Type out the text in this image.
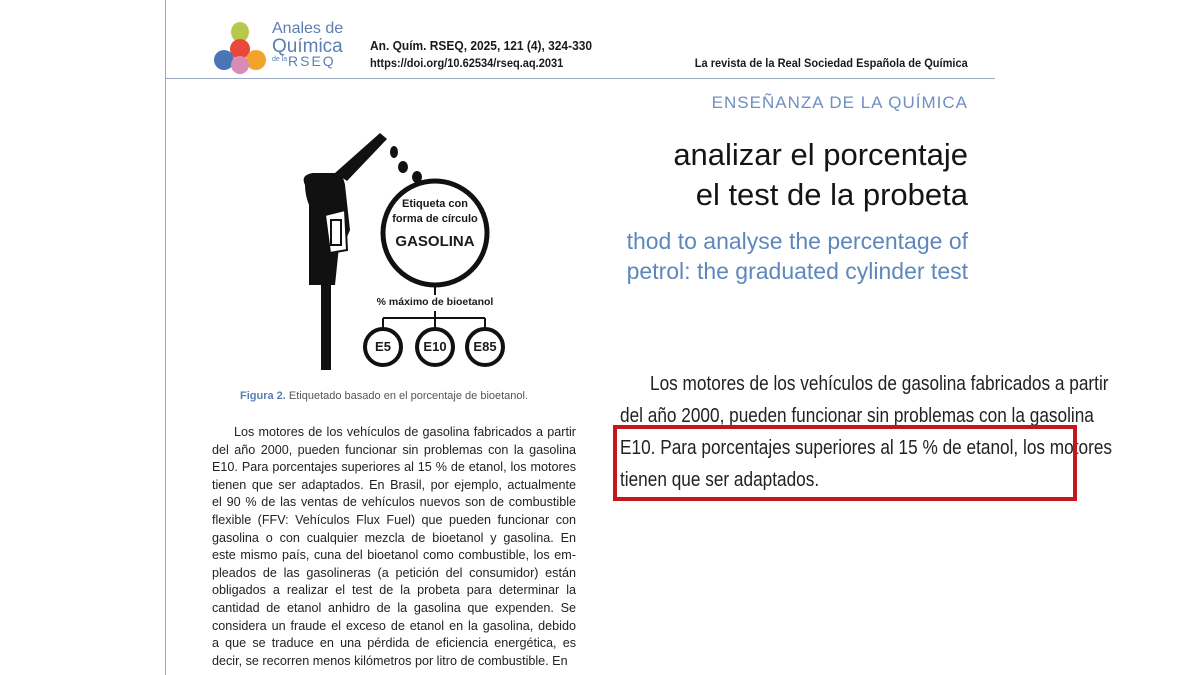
Anales de
Química
de la RSEQ
An. Quím. RSEQ, 2025, 121 (4), 324-330
https://doi.org/10.62534/rseq.aq.2031	La revista de la Real Sociedad Española de Química
ENSEÑANZA DE LA QUÍMICA
analizar el porcentaje
el test de la probeta
thod to analyse the percentage of
petrol: the graduated cylinder test
Etiqueta con
forma de círculo
GASOLINA
% máximo de bioetanol
E5	E10	E85
Figura 2. Etiquetado basado en el porcentaje de bioetanol.
Los motores de los vehículos de gasolina fabricados a partir
del año 2000, pueden funcionar sin problemas con la gasolina
E10. Para porcentajes superiores al 15 % de etanol, los motores
tienen que ser adaptados. En Brasil, por ejemplo, actualmente
el 90 % de las ventas de vehículos nuevos son de combustible
flexible (FFV: Vehículos Flux Fuel) que pueden funcionar con
gasolina o con cualquier mezcla de bioetanol y gasolina. En
este mismo país, cuna del bioetanol como combustible, los em-
pleados de las gasolineras (a petición del consumidor) están
obligados a realizar el test de la probeta para determinar la
cantidad de etanol anhidro de la gasolina que expenden. Se
considera un fraude el exceso de etanol en la gasolina, debido
a que se traduce en una pérdida de eficiencia energética, es
decir, se recorren menos kilómetros por litro de combustible. En
Los motores de los vehículos de gasolina fabricados a partir
del año 2000, pueden funcionar sin problemas con la gasolina
E10. Para porcentajes superiores al 15 % de etanol, los motores
tienen que ser adaptados.
